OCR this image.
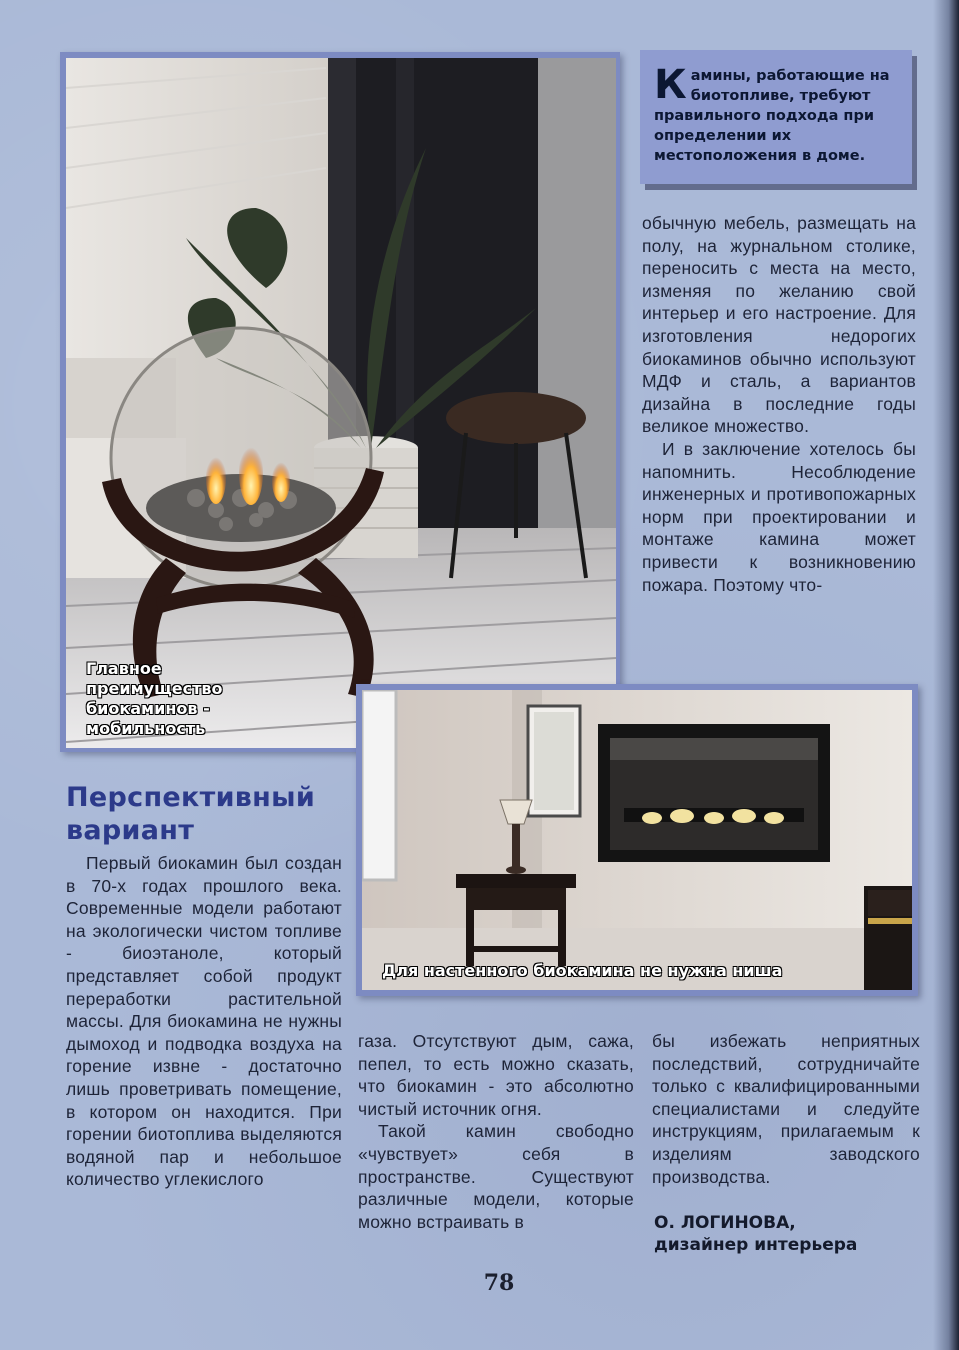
К амины, работающие на биотопливе, требуют правильного подхода при определении их местоположения в доме.

обычную мебель, размещать на полу, на журнальном столике, переносить с места на место, изменяя по желанию свой интерьер и его настроение. Для изготовления недорогих биокаминов обычно используют МДФ и сталь, а вариантов дизайна в последние годы великое множество.

И в заключение хотелось бы напомнить. Несоблюдение инженерных и противопожарных норм при проектировании и монтаже камина может привести к возникновению пожара. Поэтому что-

Главное
преимущество
биокаминов -
мобильность
Для настенного биокамина не нужна ниша
Перспективный
вариант

Первый биокамин был создан в 70-х годах прошлого века. Современные модели работают на экологически чистом топливе - биоэтаноле, который представляет собой продукт переработки растительной массы. Для биокамина не нужны дымоход и подводка воздуха на горение извне - достаточно лишь проветривать помещение, в котором он находится. При горении биотоплива выделяются водяной пар и небольшое количество углекислого

газа. Отсутствуют дым, сажа, пепел, то есть можно сказать, что биокамин - это абсолютно чистый источник огня.

Такой камин свободно «чувствует» себя в пространстве. Существуют различные модели, которые можно встраивать в

бы избежать неприятных последствий, сотрудничайте только с квалифицированными специалистами и следуйте инструкциям, прилагаемым к изделиям заводского производства.

О. ЛОГИНОВА,
дизайнер интерьера
78
